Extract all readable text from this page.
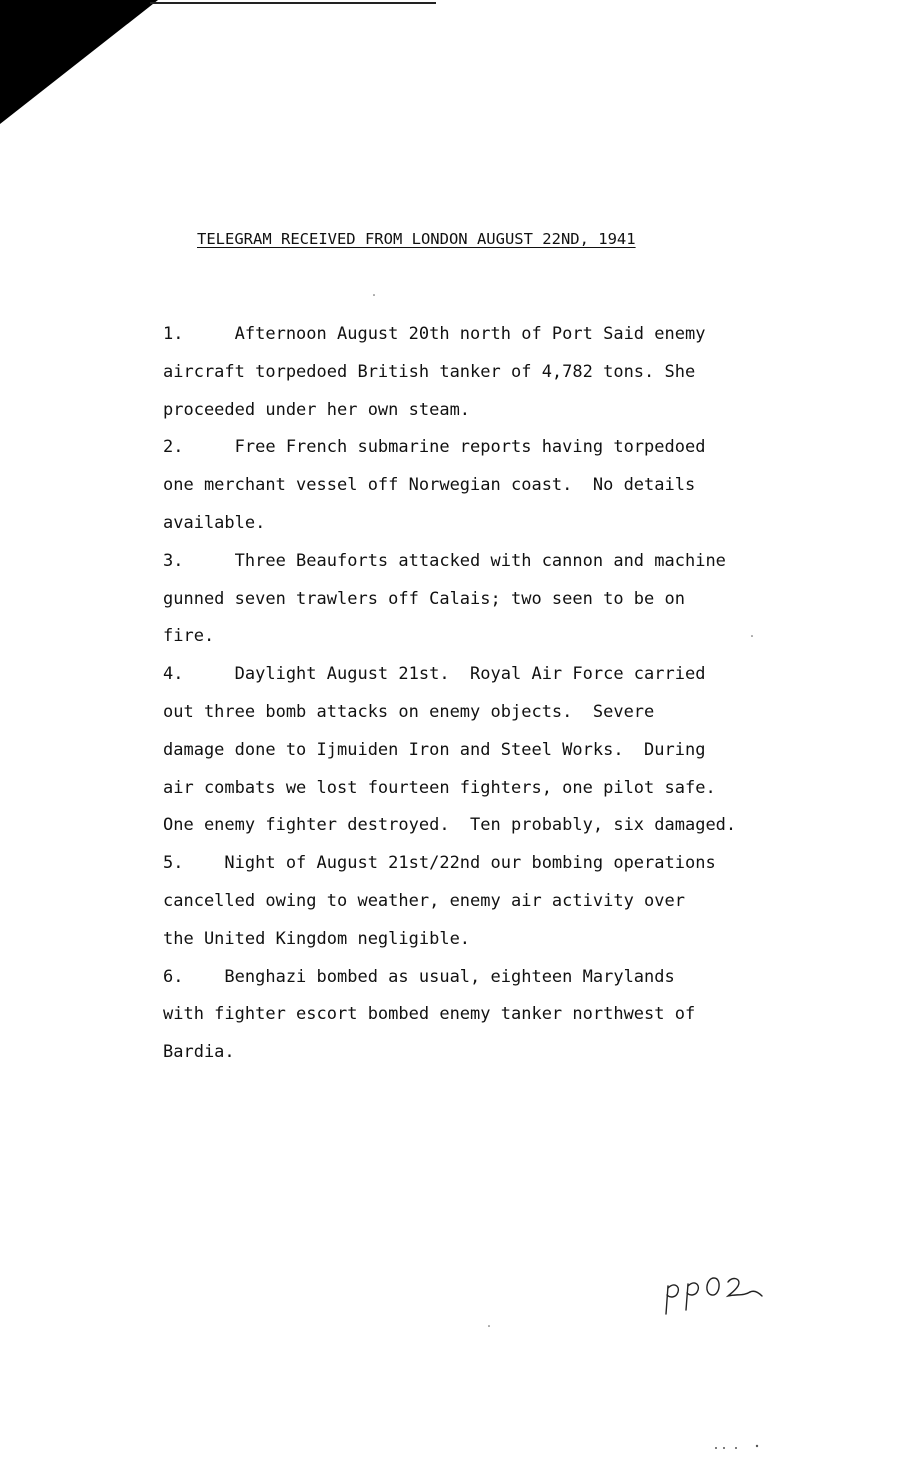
TELEGRAM RECEIVED FROM LONDON AUGUST 22ND, 1941
1.     Afternoon August 20th north of Port Said enemy
aircraft torpedoed British tanker of 4,782 tons. She
proceeded under her own steam.
2.     Free French submarine reports having torpedoed
one merchant vessel off Norwegian coast.  No details
available.
3.     Three Beauforts attacked with cannon and machine
gunned seven trawlers off Calais; two seen to be on
fire.
4.     Daylight August 21st.  Royal Air Force carried
out three bomb attacks on enemy objects.  Severe
damage done to Ijmuiden Iron and Steel Works.  During
air combats we lost fourteen fighters, one pilot safe.
One enemy fighter destroyed.  Ten probably, six damaged.
5.    Night of August 21st/22nd our bombing operations
cancelled owing to weather, enemy air activity over
the United Kingdom negligible.
6.    Benghazi bombed as usual, eighteen Marylands
with fighter escort bombed enemy tanker northwest of
Bardia.
